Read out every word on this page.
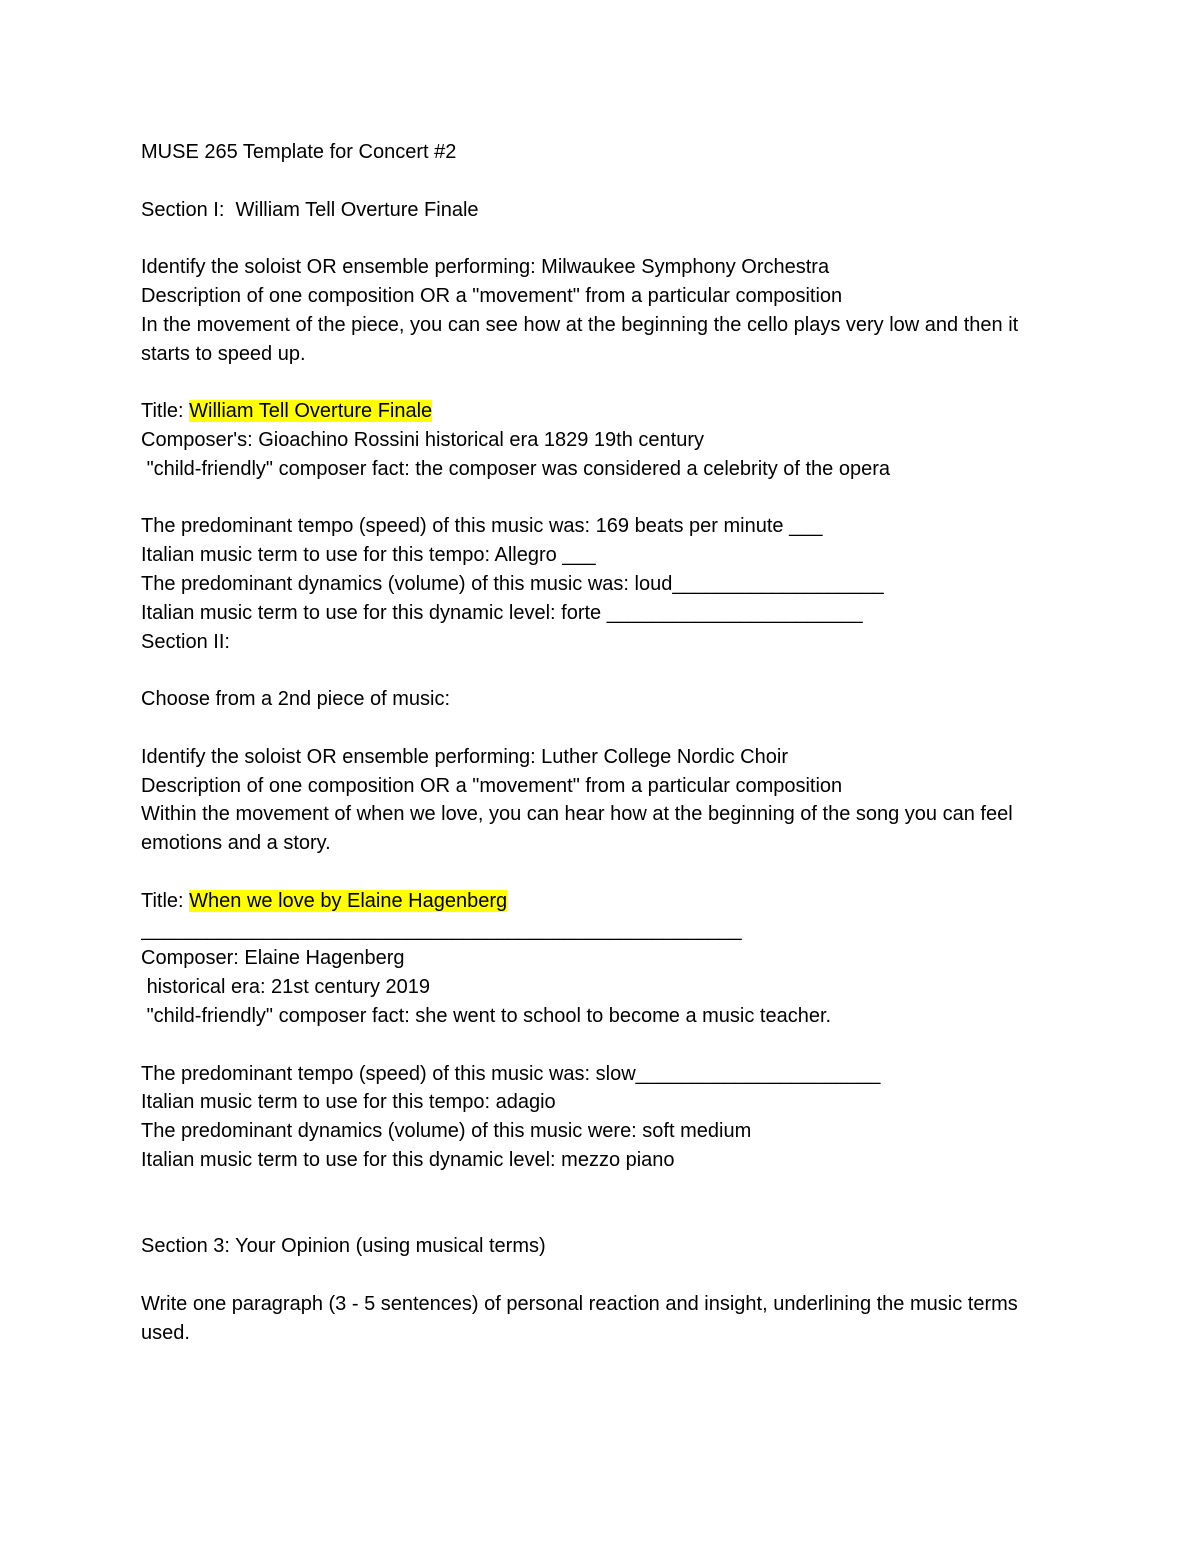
MUSE 265 Template for Concert #2
Section I:  William Tell Overture Finale
Identify the soloist OR ensemble performing: Milwaukee Symphony Orchestra
Description of one composition OR a "movement" from a particular composition
In the movement of the piece, you can see how at the beginning the cello plays very low and then it starts to speed up.
Title: William Tell Overture Finale
Composer's: Gioachino Rossini historical era 1829 19th century
"child-friendly" composer fact: the composer was considered a celebrity of the opera
The predominant tempo (speed) of this music was: 169 beats per minute ___
Italian music term to use for this tempo: Allegro ___
The predominant dynamics (volume) of this music was: loud___________________
Italian music term to use for this dynamic level: forte _______________________
Section II:
Choose from a 2nd piece of music:
Identify the soloist OR ensemble performing: Luther College Nordic Choir
Description of one composition OR a "movement" from a particular composition
Within the movement of when we love, you can hear how at the beginning of the song you can feel emotions and a story.
Title: When we love by Elaine Hagenberg
______________________________________________________
Composer: Elaine Hagenberg
historical era: 21st century 2019
"child-friendly" composer fact: she went to school to become a music teacher.
The predominant tempo (speed) of this music was: slow______________________
Italian music term to use for this tempo: adagio
The predominant dynamics (volume) of this music were: soft medium
Italian music term to use for this dynamic level: mezzo piano
Section 3: Your Opinion (using musical terms)
Write one paragraph (3 - 5 sentences) of personal reaction and insight, underlining the music terms used.
